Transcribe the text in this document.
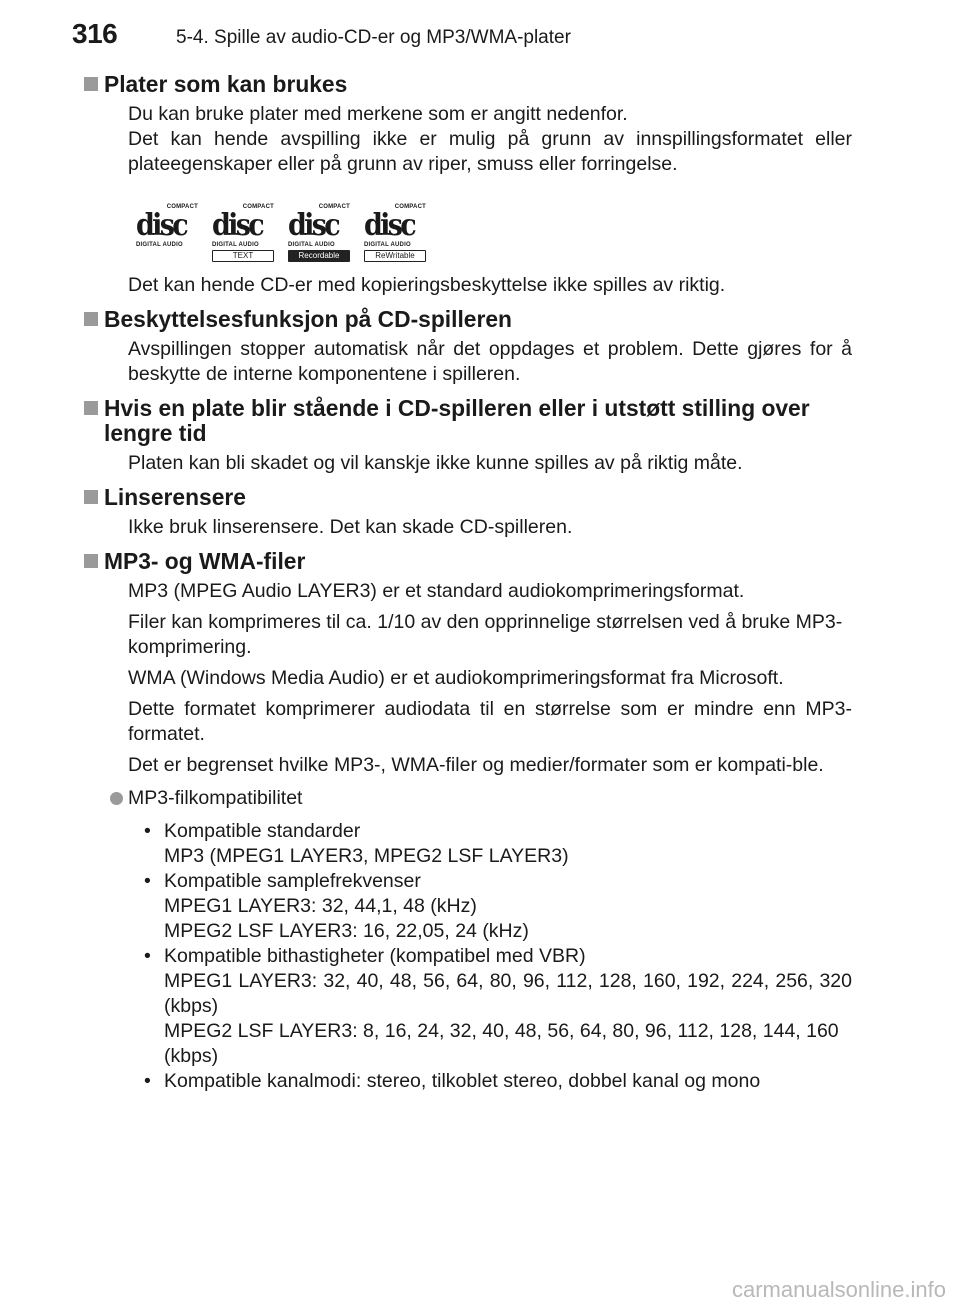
316	5-4. Spille av audio-CD-er og MP3/WMA-plater
Plater som kan brukes

Du kan bruke plater med merkene som er angitt nedenfor.

Det kan hende avspilling ikke er mulig på grunn av innspillingsformatet eller plateegenskaper eller på grunn av riper, smuss eller forringelse.

COMPACT
disc
DIGITAL AUDIO
COMPACT
disc
DIGITAL AUDIO
TEXT
COMPACT
disc
DIGITAL AUDIO
Recordable
COMPACT
disc
DIGITAL AUDIO
ReWritable

Det kan hende CD-er med kopieringsbeskyttelse ikke spilles av riktig.

Beskyttelsesfunksjon på CD-spilleren

Avspillingen stopper automatisk når det oppdages et problem. Dette gjøres for å beskytte de interne komponentene i spilleren.

Hvis en plate blir stående i CD-spilleren eller i utstøtt stilling over lengre tid

Platen kan bli skadet og vil kanskje ikke kunne spilles av på riktig måte.

Linserensere

Ikke bruk linserensere. Det kan skade CD-spilleren.

MP3- og WMA-filer

MP3 (MPEG Audio LAYER3) er et standard audiokomprimeringsformat.

Filer kan komprimeres til ca. 1/10 av den opprinnelige størrelsen ved å bruke MP3-komprimering.

WMA (Windows Media Audio) er et audiokomprimeringsformat fra Microsoft.

Dette formatet komprimerer audiodata til en størrelse som er mindre enn MP3-formatet.

Det er begrenset hvilke MP3-, WMA-filer og medier/formater som er kompati-ble.

MP3-filkompatibilitet
• Kompatible standarder
MP3 (MPEG1 LAYER3, MPEG2 LSF LAYER3)
• Kompatible samplefrekvenser
MPEG1 LAYER3: 32, 44,1, 48 (kHz)
MPEG2 LSF LAYER3: 16, 22,05, 24 (kHz)
• Kompatible bithastigheter (kompatibel med VBR)
MPEG1 LAYER3: 32, 40, 48, 56, 64, 80, 96, 112, 128, 160, 192, 224, 256, 320 (kbps)
MPEG2 LSF LAYER3: 8, 16, 24, 32, 40, 48, 56, 64, 80, 96, 112, 128, 144, 160 (kbps)
• Kompatible kanalmodi: stereo, tilkoblet stereo, dobbel kanal og mono
carmanualsonline.info
